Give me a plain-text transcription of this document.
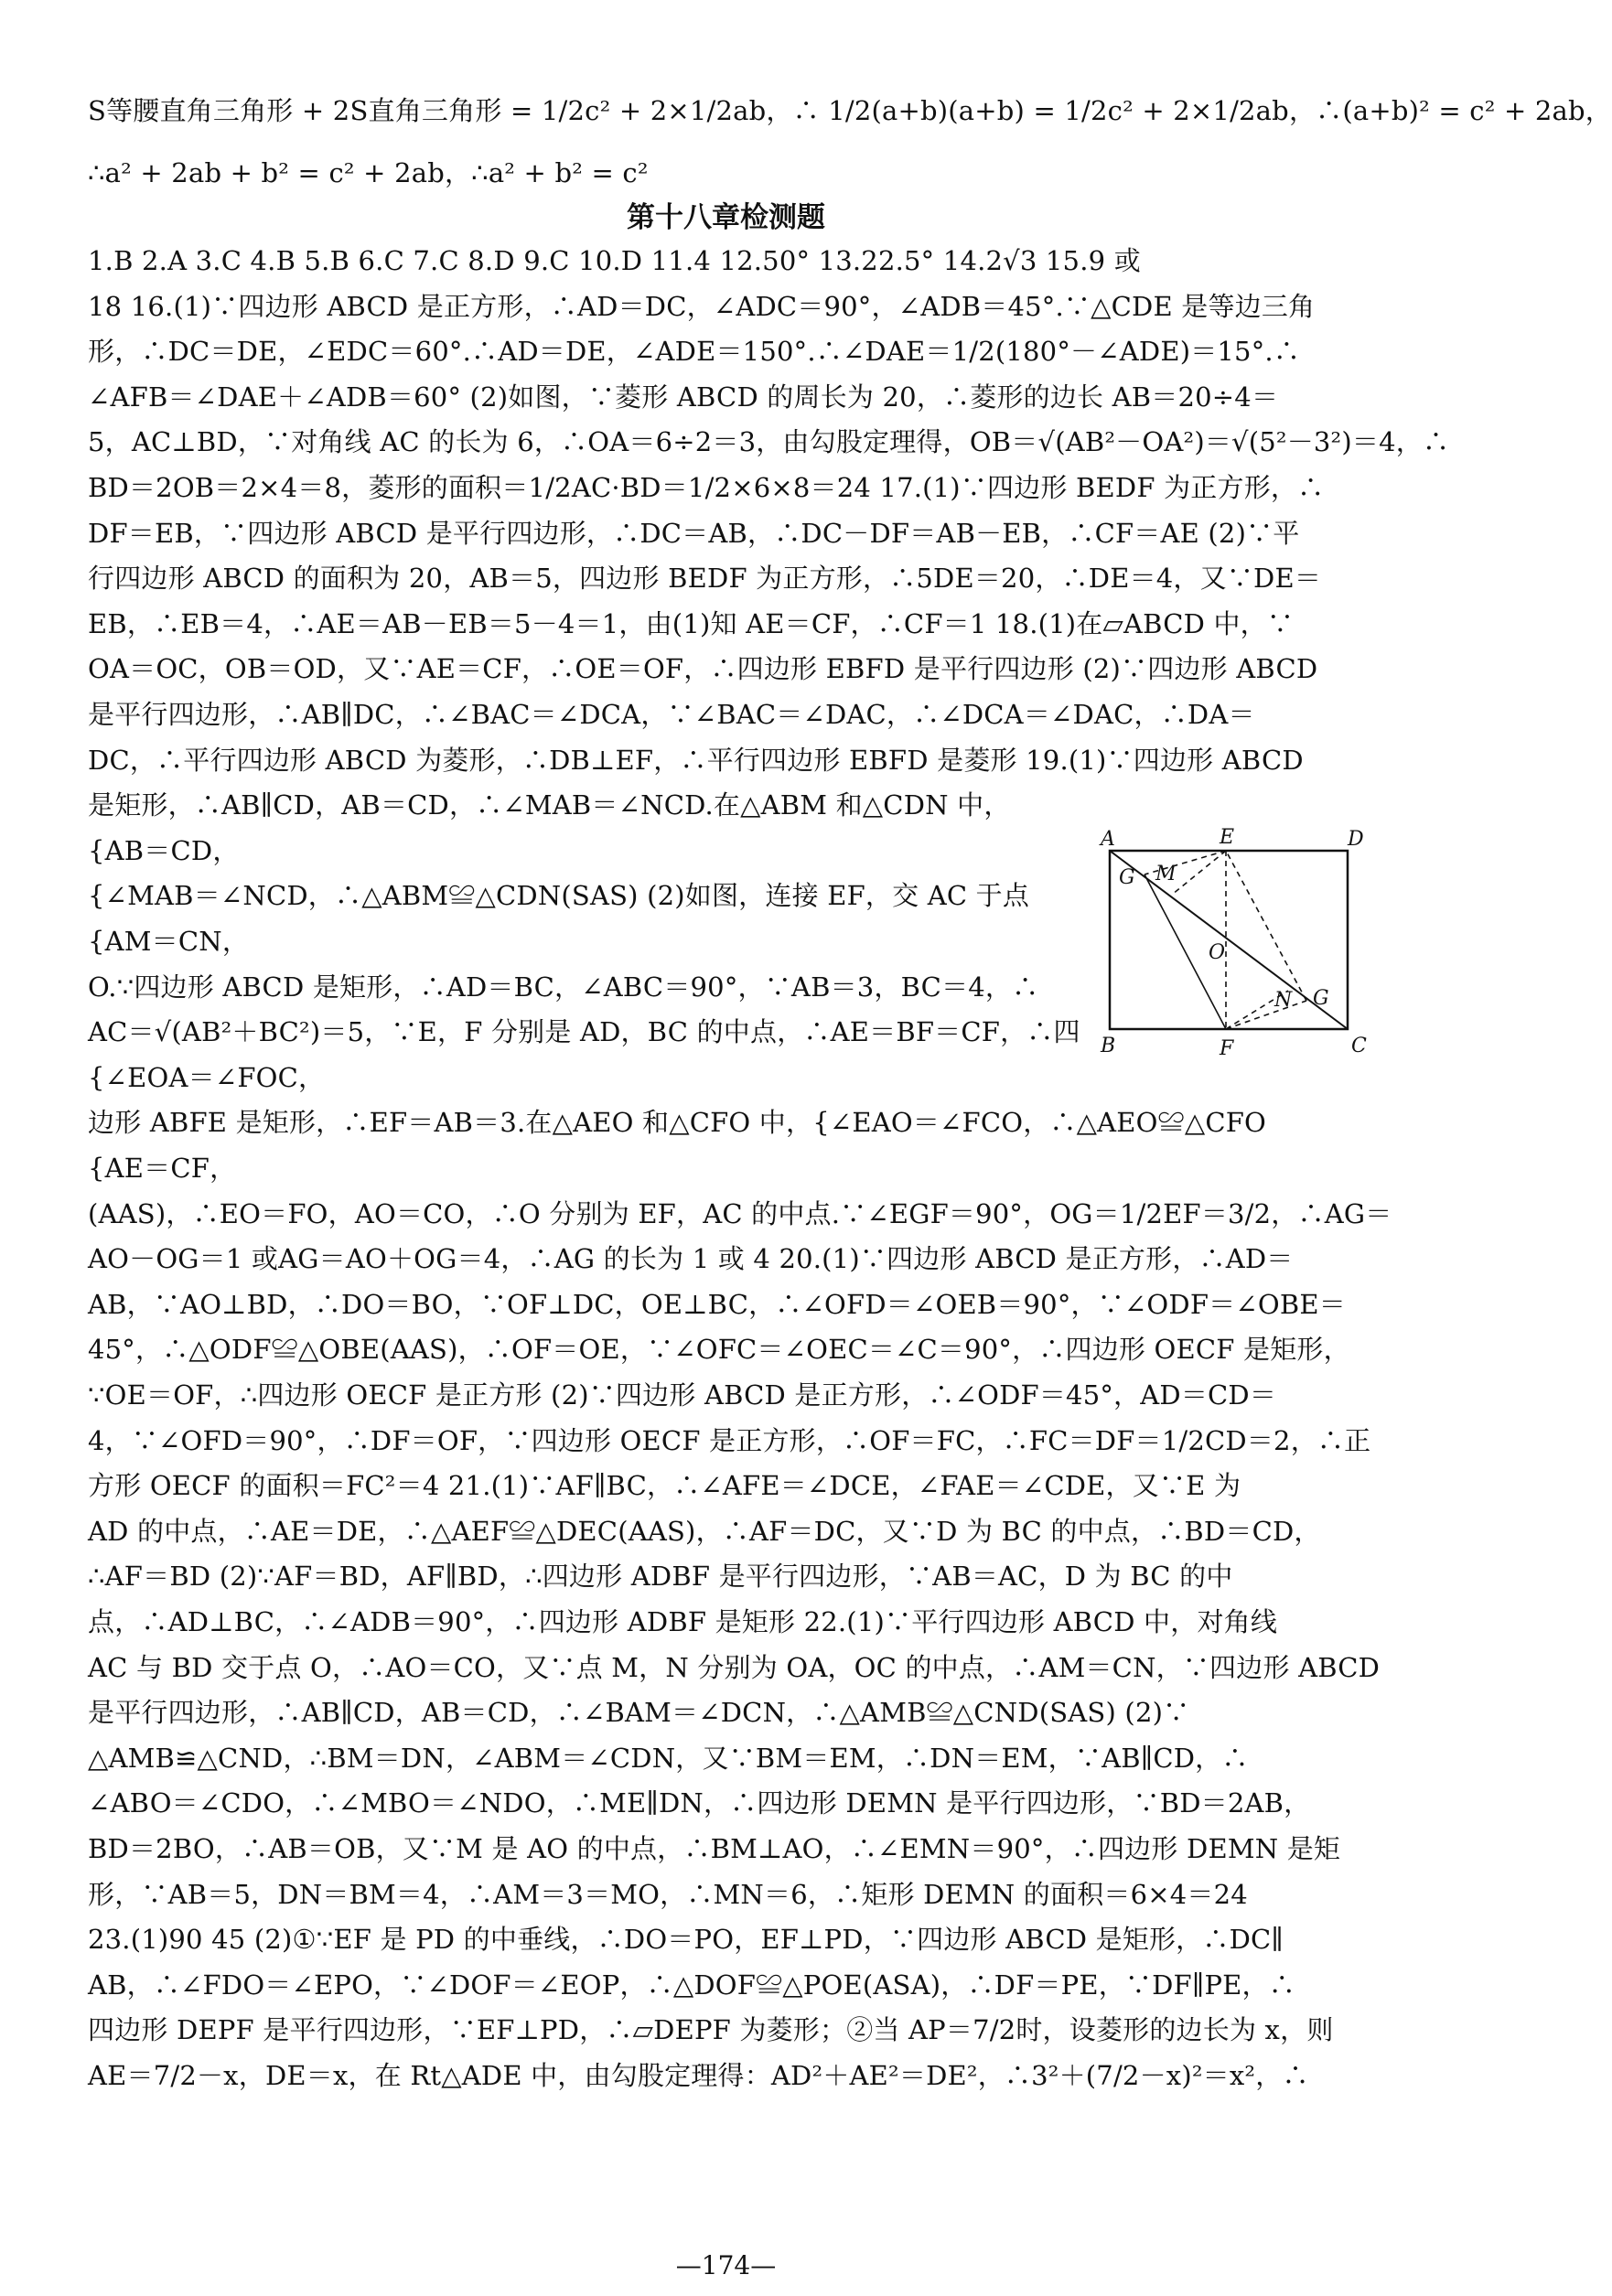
S等腰直角三角形 + 2S直角三角形 = 1/2c² + 2×1/2ab，∴ 1/2(a+b)(a+b) = 1/2c² + 2×1/2ab，∴(a+b)² = c² + 2ab，
∴a² + 2ab + b² = c² + 2ab，∴a² + b² = c²
第十八章检测题
1.B 2.A 3.C 4.B 5.B 6.C 7.C 8.D 9.C 10.D 11.4 12.50° 13.22.5° 14.2√3 15.9 或
18 16.(1)∵四边形 ABCD 是正方形，∴AD＝DC，∠ADC＝90°，∠ADB＝45°.∵△CDE 是等边三角
形，∴DC＝DE，∠EDC＝60°.∴AD＝DE，∠ADE＝150°.∴∠DAE＝1/2(180°－∠ADE)＝15°.∴
∠AFB＝∠DAE＋∠ADB＝60° (2)如图，∵菱形 ABCD 的周长为 20，∴菱形的边长 AB＝20÷4＝
5，AC⊥BD，∵对角线 AC 的长为 6，∴OA＝6÷2＝3，由勾股定理得，OB＝√(AB²－OA²)＝√(5²－3²)＝4，∴
BD＝2OB＝2×4＝8，菱形的面积＝1/2AC·BD＝1/2×6×8＝24 17.(1)∵四边形 BEDF 为正方形，∴
DF＝EB，∵四边形 ABCD 是平行四边形，∴DC＝AB，∴DC－DF＝AB－EB，∴CF＝AE (2)∵平
行四边形 ABCD 的面积为 20，AB＝5，四边形 BEDF 为正方形，∴5DE＝20，∴DE＝4，又∵DE＝
EB，∴EB＝4，∴AE＝AB－EB＝5－4＝1，由(1)知 AE＝CF，∴CF＝1 18.(1)在▱ABCD 中，∵
OA＝OC，OB＝OD，又∵AE＝CF，∴OE＝OF，∴四边形 EBFD 是平行四边形 (2)∵四边形 ABCD
是平行四边形，∴AB∥DC，∴∠BAC＝∠DCA，∵∠BAC＝∠DAC，∴∠DCA＝∠DAC，∴DA＝
DC，∴平行四边形 ABCD 为菱形，∴DB⊥EF，∴平行四边形 EBFD 是菱形 19.(1)∵四边形 ABCD
是矩形，∴AB∥CD，AB＝CD，∴∠MAB＝∠NCD.在△ABM 和△CDN 中，
{AB＝CD，
{∠MAB＝∠NCD，∴△ABM≌△CDN(SAS) (2)如图，连接 EF，交 AC 于点
{AM＝CN，
O.∵四边形 ABCD 是矩形，∴AD＝BC，∠ABC＝90°，∵AB＝3，BC＝4，∴
AC＝√(AB²＋BC²)＝5，∵E，F 分别是 AD，BC 的中点，∴AE＝BF＝CF，∴四
{∠EOA＝∠FOC，
边形 ABFE 是矩形，∴EF＝AB＝3.在△AEO 和△CFO 中，{∠EAO＝∠FCO，∴△AEO≌△CFO
{AE＝CF，
(AAS)，∴EO＝FO，AO＝CO，∴O 分别为 EF，AC 的中点.∵∠EGF＝90°，OG＝1/2EF＝3/2，∴AG＝
AO－OG＝1 或AG＝AO＋OG＝4，∴AG 的长为 1 或 4 20.(1)∵四边形 ABCD 是正方形，∴AD＝
AB，∵AO⊥BD，∴DO＝BO，∵OF⊥DC，OE⊥BC，∴∠OFD＝∠OEB＝90°，∵∠ODF＝∠OBE＝
45°，∴△ODF≌△OBE(AAS)，∴OF＝OE，∵∠OFC＝∠OEC＝∠C＝90°，∴四边形 OECF 是矩形，
∵OE＝OF，∴四边形 OECF 是正方形 (2)∵四边形 ABCD 是正方形，∴∠ODF＝45°，AD＝CD＝
4，∵∠OFD＝90°，∴DF＝OF，∵四边形 OECF 是正方形，∴OF＝FC，∴FC＝DF＝1/2CD＝2，∴正
方形 OECF 的面积＝FC²＝4 21.(1)∵AF∥BC，∴∠AFE＝∠DCE，∠FAE＝∠CDE，又∵E 为
AD 的中点，∴AE＝DE，∴△AEF≌△DEC(AAS)，∴AF＝DC，又∵D 为 BC 的中点，∴BD＝CD，
∴AF＝BD (2)∵AF＝BD，AF∥BD，∴四边形 ADBF 是平行四边形，∵AB＝AC，D 为 BC 的中
点，∴AD⊥BC，∴∠ADB＝90°，∴四边形 ADBF 是矩形 22.(1)∵平行四边形 ABCD 中，对角线
AC 与 BD 交于点 O，∴AO＝CO，又∵点 M，N 分别为 OA，OC 的中点，∴AM＝CN，∵四边形 ABCD
是平行四边形，∴AB∥CD，AB＝CD，∴∠BAM＝∠DCN，∴△AMB≌△CND(SAS) (2)∵
△AMB≌△CND，∴BM＝DN，∠ABM＝∠CDN，又∵BM＝EM，∴DN＝EM，∵AB∥CD，∴
∠ABO＝∠CDO，∴∠MBO＝∠NDO，∴ME∥DN，∴四边形 DEMN 是平行四边形，∵BD＝2AB，
BD＝2BO，∴AB＝OB，又∵M 是 AO 的中点，∴BM⊥AO，∴∠EMN＝90°，∴四边形 DEMN 是矩
形，∵AB＝5，DN＝BM＝4，∴AM＝3＝MO，∴MN＝6，∴矩形 DEMN 的面积＝6×4＝24
23.(1)90 45 (2)①∵EF 是 PD 的中垂线，∴DO＝PO，EF⊥PD，∵四边形 ABCD 是矩形，∴DC∥
AB，∴∠FDO＝∠EPO，∵∠DOF＝∠EOP，∴△DOF≌△POE(ASA)，∴DF＝PE，∵DF∥PE，∴
四边形 DEPF 是平行四边形，∵EF⊥PD，∴▱DEPF 为菱形；②当 AP＝7/2时，设菱形的边长为 x，则
AE＝7/2－x，DE＝x，在 Rt△ADE 中，由勾股定理得：AD²＋AE²＝DE²，∴3²＋(7/2－x)²＝x²，∴
A	E	D
G M
O
N G
B	F	C
—174—
